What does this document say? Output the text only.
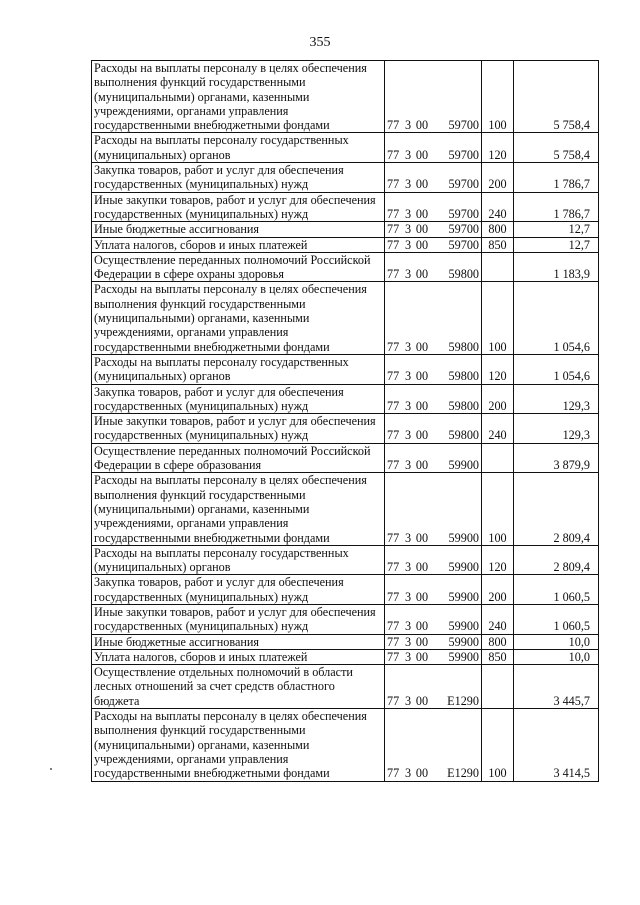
355
Расходы на выплаты персоналу в целях обеспечения выполнения функций государственными (муниципальными) органами, казенными учреждениями, органами управления государственными внебюджетными фондами	77 3 00 59700	100	5 758,4
Расходы на выплаты персоналу государственных (муниципальных) органов	77 3 00 59700	120	5 758,4
Закупка товаров, работ и услуг для обеспечения государственных (муниципальных) нужд	77 3 00 59700	200	1 786,7
Иные закупки товаров, работ и услуг для обеспечения государственных (муниципальных) нужд	77 3 00 59700	240	1 786,7
Иные бюджетные ассигнования	77 3 00 59700	800	12,7
Уплата налогов, сборов и иных платежей	77 3 00 59700	850	12,7
Осуществление переданных полномочий Российской Федерации в сфере охраны здоровья	77 3 00 59800		1 183,9
Расходы на выплаты персоналу в целях обеспечения выполнения функций государственными (муниципальными) органами, казенными учреждениями, органами управления государственными внебюджетными фондами	77 3 00 59800	100	1 054,6
Расходы на выплаты персоналу государственных (муниципальных) органов	77 3 00 59800	120	1 054,6
Закупка товаров, работ и услуг для обеспечения государственных (муниципальных) нужд	77 3 00 59800	200	129,3
Иные закупки товаров, работ и услуг для обеспечения государственных (муниципальных) нужд	77 3 00 59800	240	129,3
Осуществление переданных полномочий Российской Федерации в сфере образования	77 3 00 59900		3 879,9
Расходы на выплаты персоналу в целях обеспечения выполнения функций государственными (муниципальными) органами, казенными учреждениями, органами управления государственными внебюджетными фондами	77 3 00 59900	100	2 809,4
Расходы на выплаты персоналу государственных (муниципальных) органов	77 3 00 59900	120	2 809,4
Закупка товаров, работ и услуг для обеспечения государственных (муниципальных) нужд	77 3 00 59900	200	1 060,5
Иные закупки товаров, работ и услуг для обеспечения государственных (муниципальных) нужд	77 3 00 59900	240	1 060,5
Иные бюджетные ассигнования	77 3 00 59900	800	10,0
Уплата налогов, сборов и иных платежей	77 3 00 59900	850	10,0
Осуществление отдельных полномочий в области лесных отношений за счет средств областного бюджета	77 3 00 Е1290		3 445,7
Расходы на выплаты персоналу в целях обеспечения выполнения функций государственными (муниципальными) органами, казенными учреждениями, органами управления государственными внебюджетными фондами	77 3 00 Е1290	100	3 414,5
